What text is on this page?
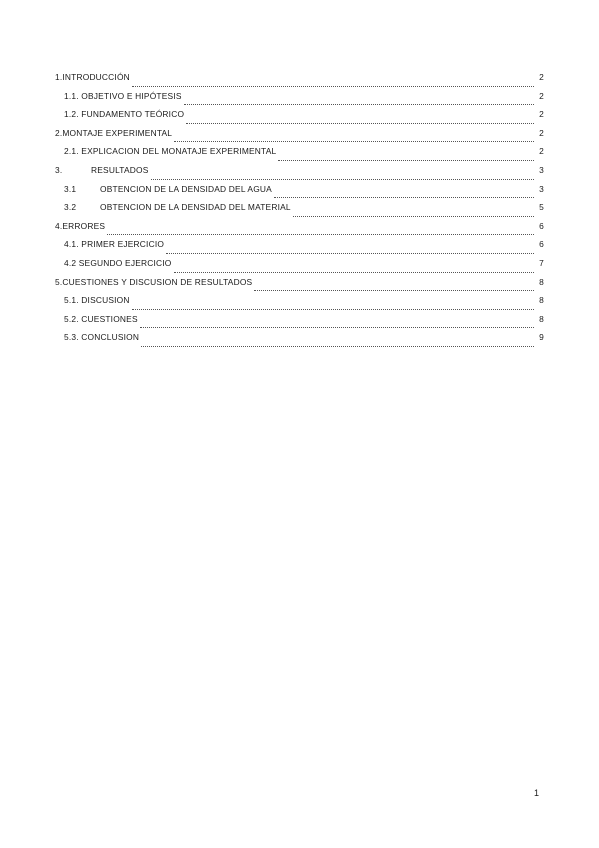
1.INTRODUCCIÓN	2
1.1. OBJETIVO E HIPÓTESIS	2
1.2. FUNDAMENTO TEÓRICO	2
2.MONTAJE EXPERIMENTAL	2
2.1. EXPLICACION DEL MONATAJE EXPERIMENTAL	2
3.	RESULTADOS	3
3.1	OBTENCION DE LA DENSIDAD DEL AGUA	3
3.2	OBTENCION DE LA DENSIDAD DEL MATERIAL	5
4.ERRORES	6
4.1. PRIMER EJERCICIO	6
4.2 SEGUNDO EJERCICIO	7
5.CUESTIONES Y DISCUSION DE RESULTADOS	8
5.1. DISCUSION	8
5.2. CUESTIONES	8
5.3. CONCLUSION	9
1
